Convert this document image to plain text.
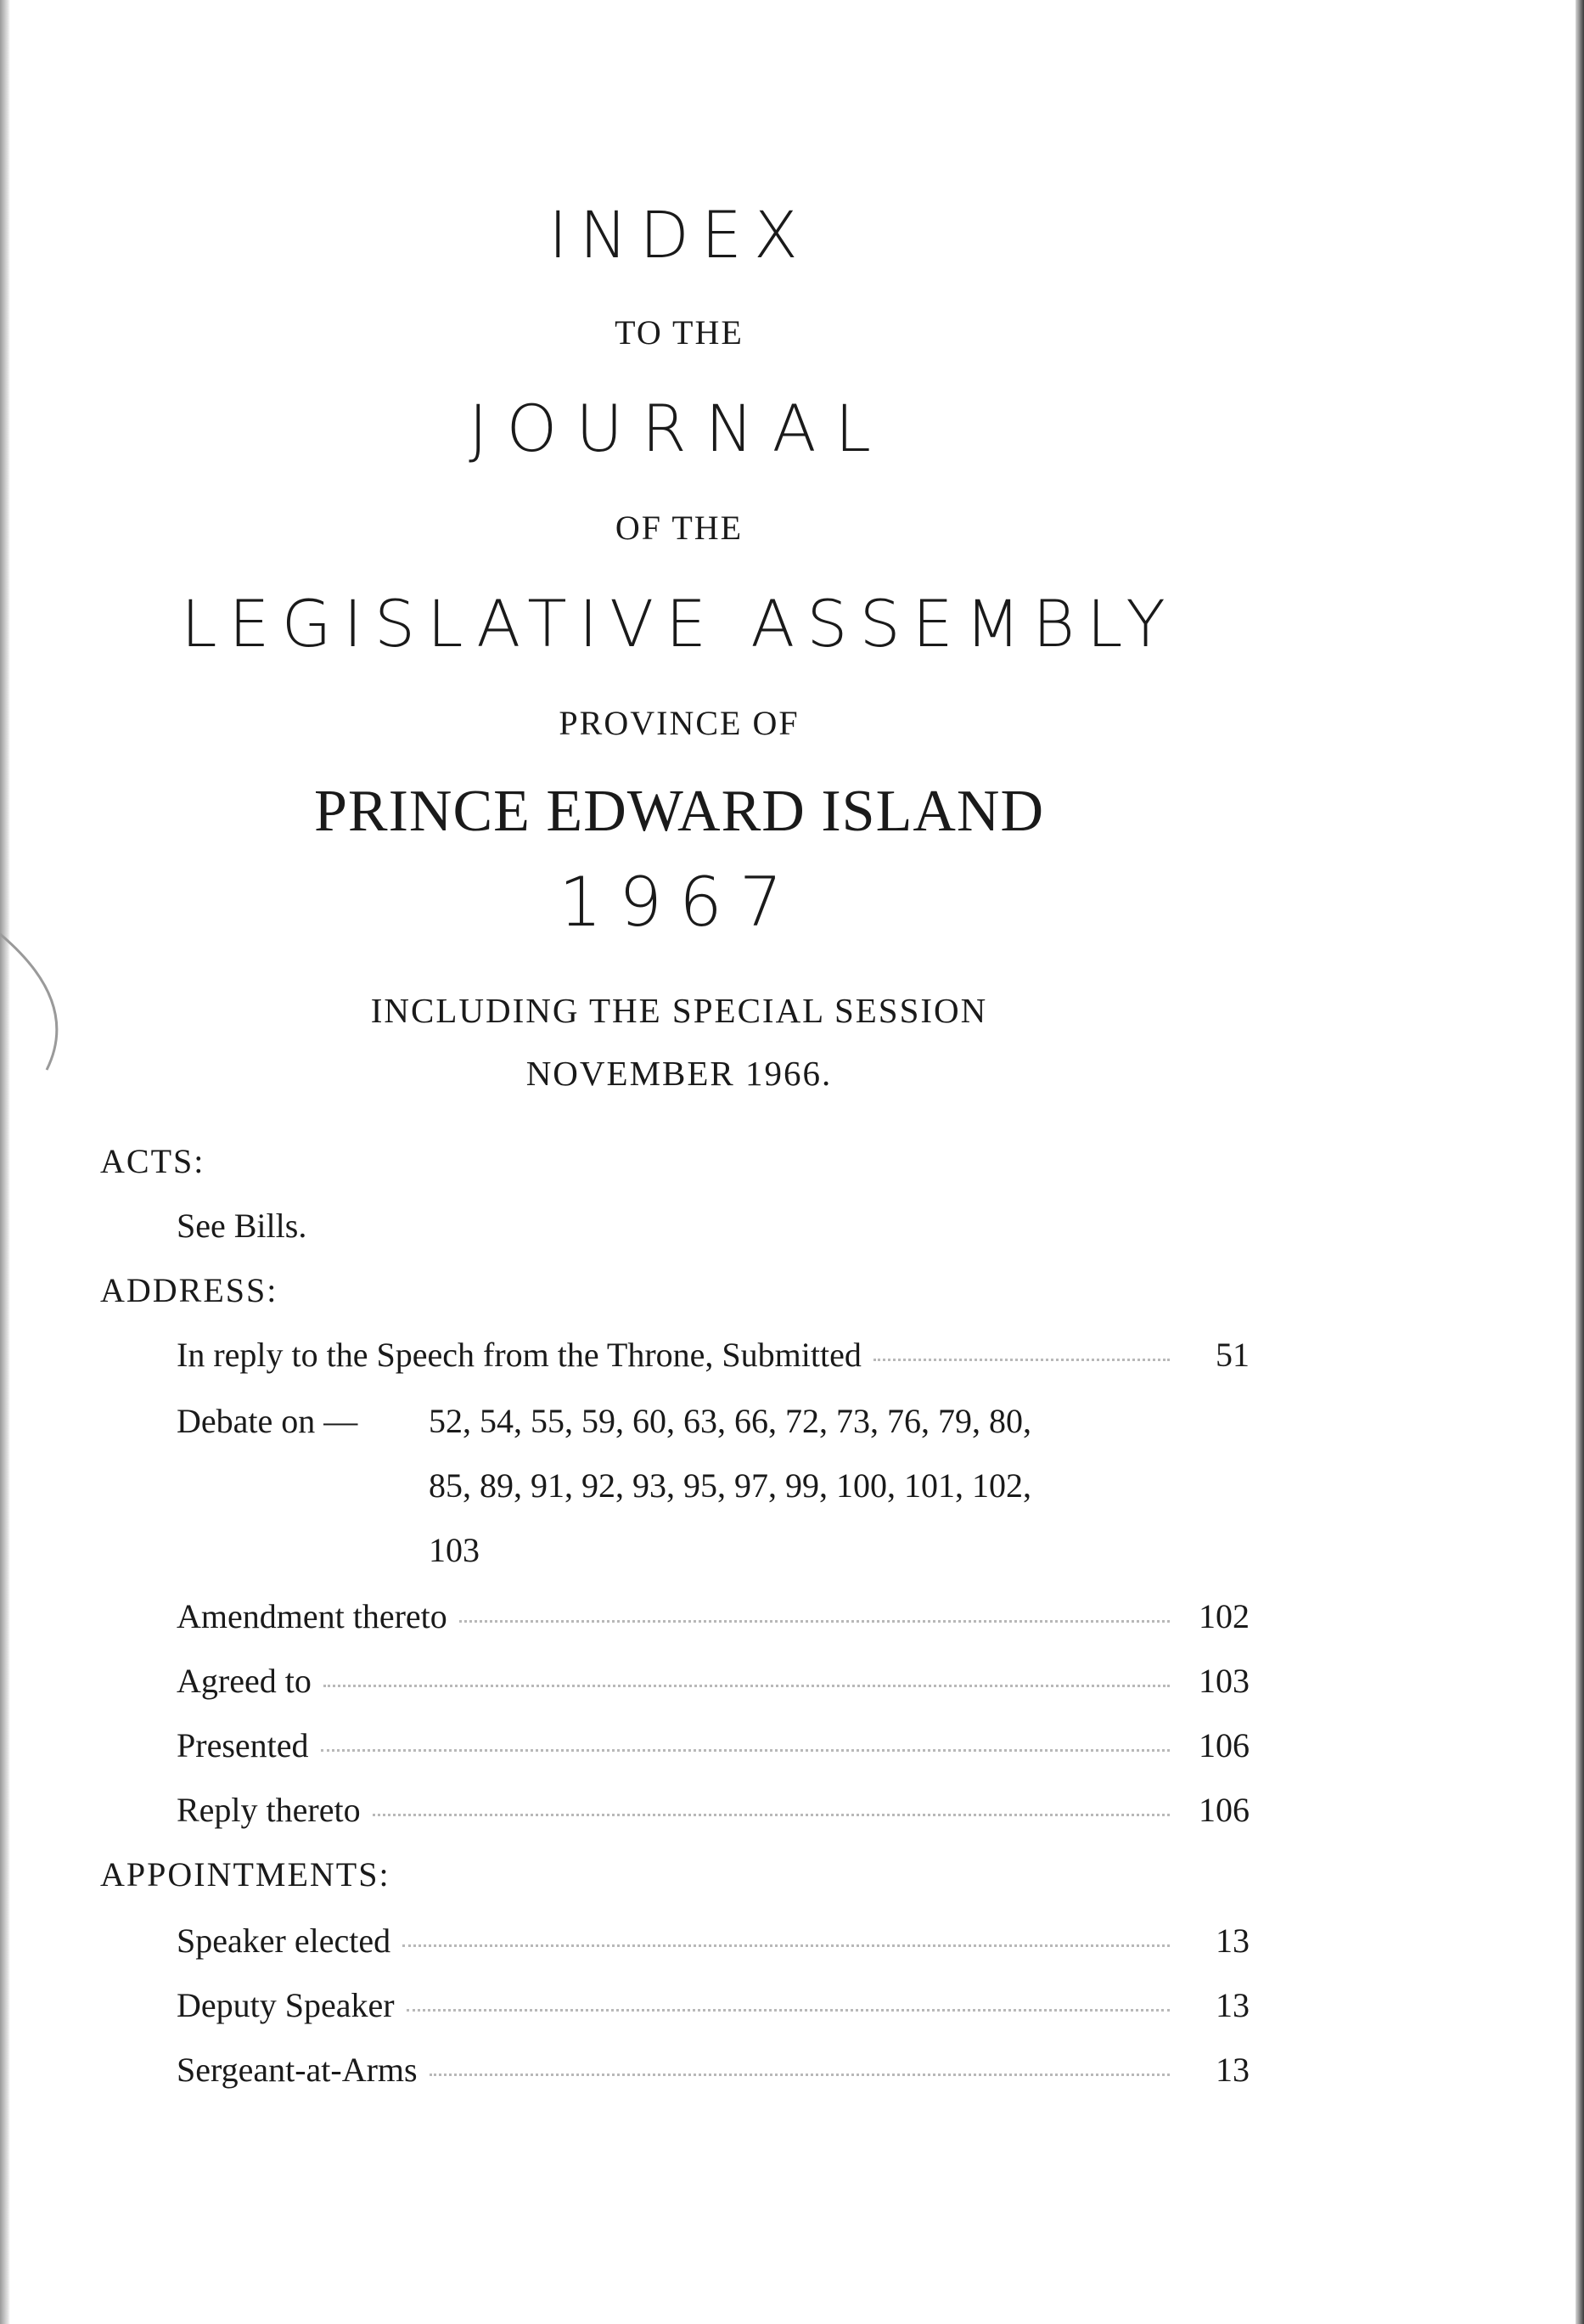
INDEX
TO THE
JOURNAL
OF THE
LEGISLATIVE ASSEMBLY
PROVINCE OF
PRINCE EDWARD ISLAND
1967
INCLUDING THE SPECIAL SESSION
NOVEMBER 1966.
ACTS:
See Bills.
ADDRESS:
In reply to the Speech from the Throne, Submitted	51
Debate on — 52, 54, 55, 59, 60, 63, 66, 72, 73, 76, 79, 80,
85, 89, 91, 92, 93, 95, 97, 99, 100, 101, 102,
103
Amendment thereto	102
Agreed to	103
Presented	106
Reply thereto	106
APPOINTMENTS:
Speaker elected	13
Deputy Speaker	13
Sergeant-at-Arms	13
